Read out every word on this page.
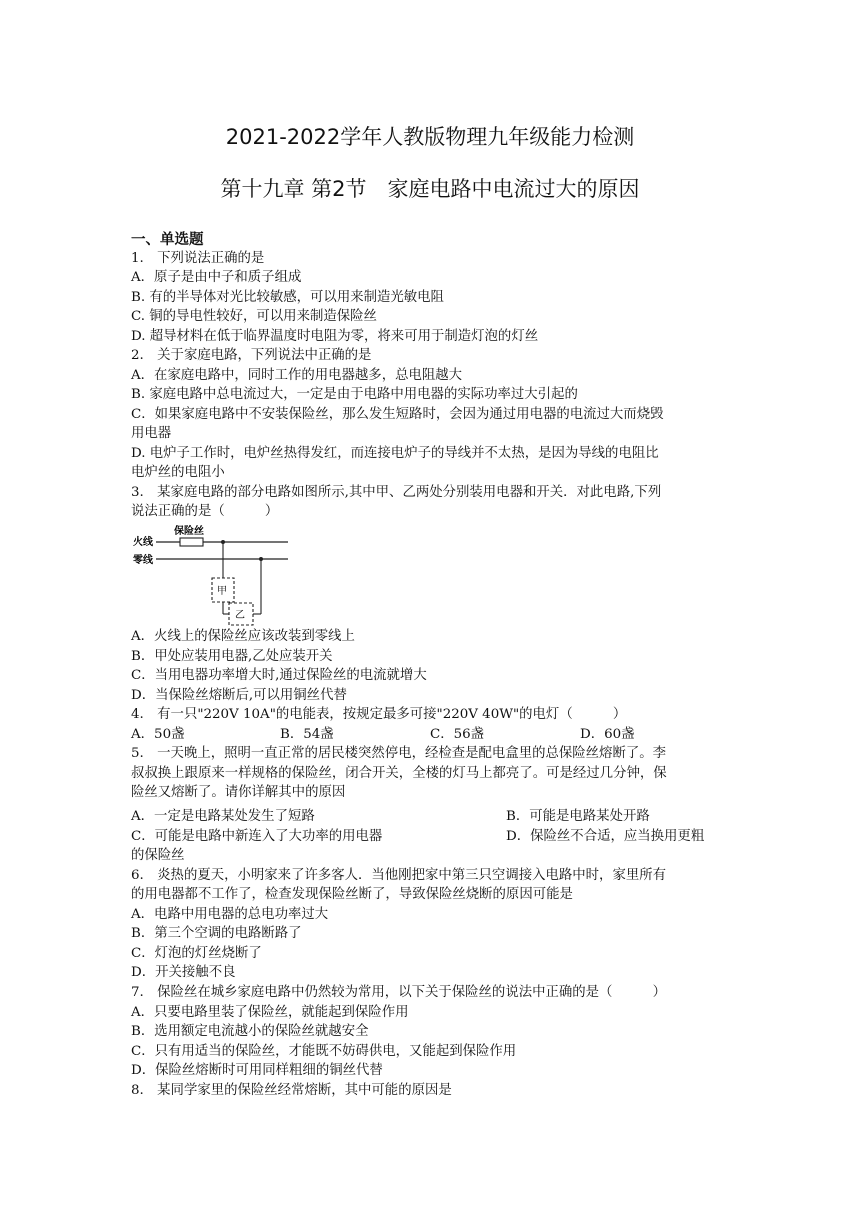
2021-2022学年人教版物理九年级能力检测
第十九章 第2节　家庭电路中电流过大的原因
一、单选题
1.　下列说法正确的是
A．原子是由中子和质子组成
B. 有的半导体对光比较敏感，可以用来制造光敏电阻
C. 铜的导电性较好，可以用来制造保险丝
D. 超导材料在低于临界温度时电阻为零，将来可用于制造灯泡的灯丝
2.　关于家庭电路，下列说法中正确的是
A．在家庭电路中，同时工作的用电器越多，总电阻越大
B. 家庭电路中总电流过大，一定是由于电路中用电器的实际功率过大引起的
C．如果家庭电路中不安装保险丝，那么发生短路时，会因为通过用电器的电流过大而烧毁
用电器
D. 电炉子工作时，电炉丝热得发红，而连接电炉子的导线并不太热，是因为导线的电阻比
电炉丝的电阻小
3.　某家庭电路的部分电路如图所示,其中甲、乙两处分别装用电器和开关．对此电路,下列
说法正确的是（　　　）
火线
零线
保险丝
甲
乙
A．火线上的保险丝应该改装到零线上
B．甲处应装用电器,乙处应装开关
C．当用电器功率增大时,通过保险丝的电流就增大
D．当保险丝熔断后,可以用铜丝代替
4.　有一只"220V 10A"的电能表，按规定最多可接"220V 40W"的电灯（　　　）
A．50盏	B．54盏	C．56盏	D．60盏
5.　一天晚上，照明一直正常的居民楼突然停电，经检查是配电盒里的总保险丝熔断了。李
叔叔换上跟原来一样规格的保险丝，闭合开关，全楼的灯马上都亮了。可是经过几分钟，保
险丝又熔断了。请你详解其中的原因
A．一定是电路某处发生了短路	B．可能是电路某处开路
C．可能是电路中新连入了大功率的用电器	D．保险丝不合适，应当换用更粗
的保险丝
6.　炎热的夏天，小明家来了许多客人．当他刚把家中第三只空调接入电路中时，家里所有
的用电器都不工作了，检查发现保险丝断了，导致保险丝烧断的原因可能是
A．电路中用电器的总电功率过大
B．第三个空调的电路断路了
C．灯泡的灯丝烧断了
D．开关接触不良
7.　保险丝在城乡家庭电路中仍然较为常用，以下关于保险丝的说法中正确的是（　　　）
A．只要电路里装了保险丝，就能起到保险作用
B．选用额定电流越小的保险丝就越安全
C．只有用适当的保险丝，才能既不妨碍供电，又能起到保险作用
D．保险丝熔断时可用同样粗细的铜丝代替
8.　某同学家里的保险丝经常熔断，其中可能的原因是
